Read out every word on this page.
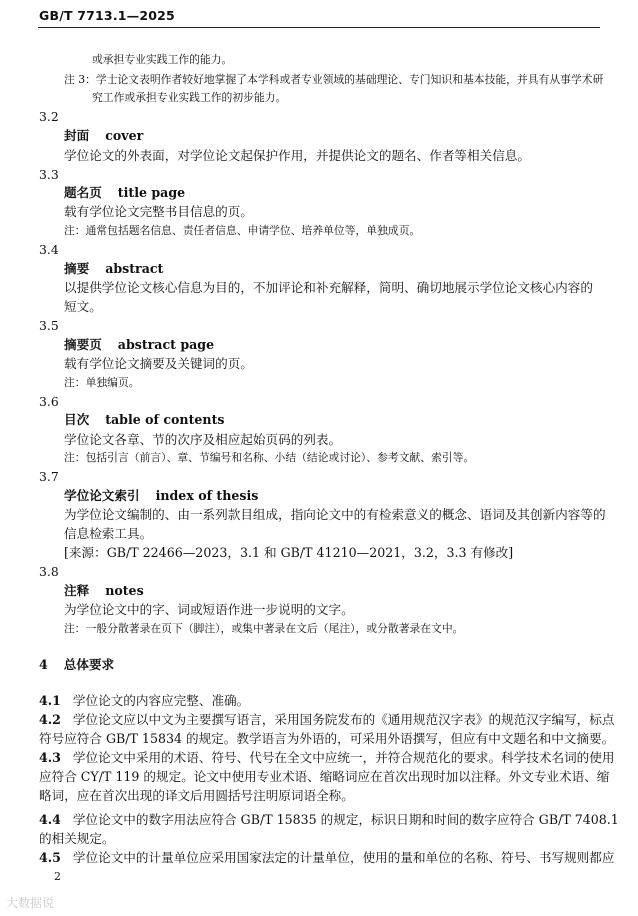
GB/T 7713.1—2025
或承担专业实践工作的能力。
注 3：学士论文表明作者较好地掌握了本学科或者专业领域的基础理论、专门知识和基本技能，并具有从事学术研
究工作或承担专业实践工作的初步能力。
3.2
封面 cover
学位论文的外表面，对学位论文起保护作用，并提供论文的题名、作者等相关信息。
3.3
题名页 title page
载有学位论文完整书目信息的页。
注：通常包括题名信息、责任者信息、申请学位、培养单位等，单独成页。
3.4
摘要 abstract
以提供学位论文核心信息为目的，不加评论和补充解释，简明、确切地展示学位论文核心内容的
短文。
3.5
摘要页 abstract page
载有学位论文摘要及关键词的页。
注：单独编页。
3.6
目次 table of contents
学位论文各章、节的次序及相应起始页码的列表。
注：包括引言（前言）、章、节编号和名称、小结（结论或讨论）、参考文献、索引等。
3.7
学位论文索引 index of thesis
为学位论文编制的、由一系列款目组成，指向论文中的有检索意义的概念、语词及其创新内容等的
信息检索工具。
[来源：GB/T 22466—2023，3.1 和 GB/T 41210—2021，3.2，3.3 有修改]
3.8
注释 notes
为学位论文中的字、词或短语作进一步说明的文字。
注：一般分散著录在页下（脚注），或集中著录在文后（尾注），或分散著录在文中。
4 总体要求
4.1 学位论文的内容应完整、准确。
4.2 学位论文应以中文为主要撰写语言，采用国务院发布的《通用规范汉字表》的规范汉字编写，标点
符号应符合 GB/T 15834 的规定。教学语言为外语的，可采用外语撰写，但应有中文题名和中文摘要。
4.3 学位论文中采用的术语、符号、代号在全文中应统一，并符合规范化的要求。科学技术名词的使用
应符合 CY/T 119 的规定。论文中使用专业术语、缩略词应在首次出现时加以注释。外文专业术语、缩
略词，应在首次出现的译文后用圆括号注明原词语全称。
4.4 学位论文中的数字用法应符合 GB/T 15835 的规定，标识日期和时间的数字应符合 GB/T 7408.1
的相关规定。
4.5 学位论文中的计量单位应采用国家法定的计量单位，使用的量和单位的名称、符号、书写规则都应
2
大数据说
